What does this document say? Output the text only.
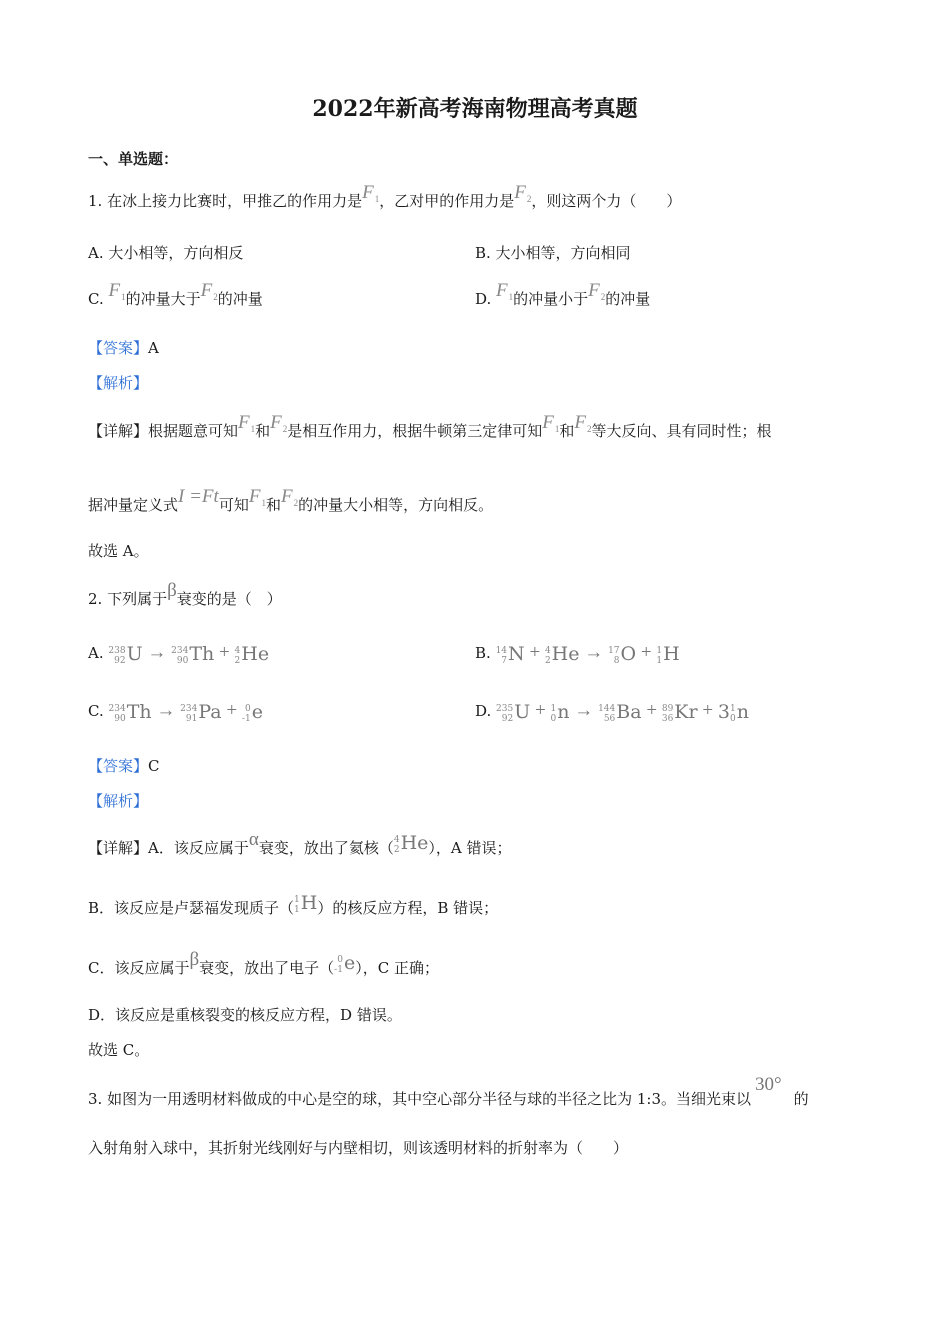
2022年新高考海南物理高考真题
一、单选题：
1. 在冰上接力比赛时，甲推乙的作用力是$F_1$，乙对甲的作用力是$F_2$，则这两个力（　　）
A. 大小相等，方向相反	B. 大小相等，方向相同
C. $F_1$的冲量大于$F_2$的冲量	D. $F_1$的冲量小于$F_2$的冲量
【答案】A
【解析】
【详解】根据题意可知$F_1$和$F_2$是相互作用力，根据牛顿第三定律可知$F_1$和$F_2$等大反向、具有同时性；根
据冲量定义式I =Ft可知$F_1$和$F_2$的冲量大小相等，方向相反。
故选 A。
2. 下列属于β衰变的是（　）
A. 238
92 U → 234
90 Th + 4
2 He	B. 14
7 N + 4
2 He → 17
8 O + 1
1 H
C. 234
90 Th → 234
91 Pa + 0
-1 e	D. 235
92 U + 1
0 n → 144
56 Ba + 89
36 Kr + 3 1
0 n
【答案】C
【解析】
【详解】A．该反应属于α衰变，放出了氦核（ 4
2 He），A 错误；
B．该反应是卢瑟福发现质子（ 1
1 H）的核反应方程，B 错误；
C．该反应属于β衰变，放出了电子（ 0
-1 e），C 正确；
D．该反应是重核裂变的核反应方程，D 错误。
故选 C。
3. 如图为一用透明材料做成的中心是空的球，其中空心部分半径与球的半径之比为 1:3。当细光束以30°的
入射角射入球中，其折射光线刚好与内壁相切，则该透明材料的折射率为（　　）
